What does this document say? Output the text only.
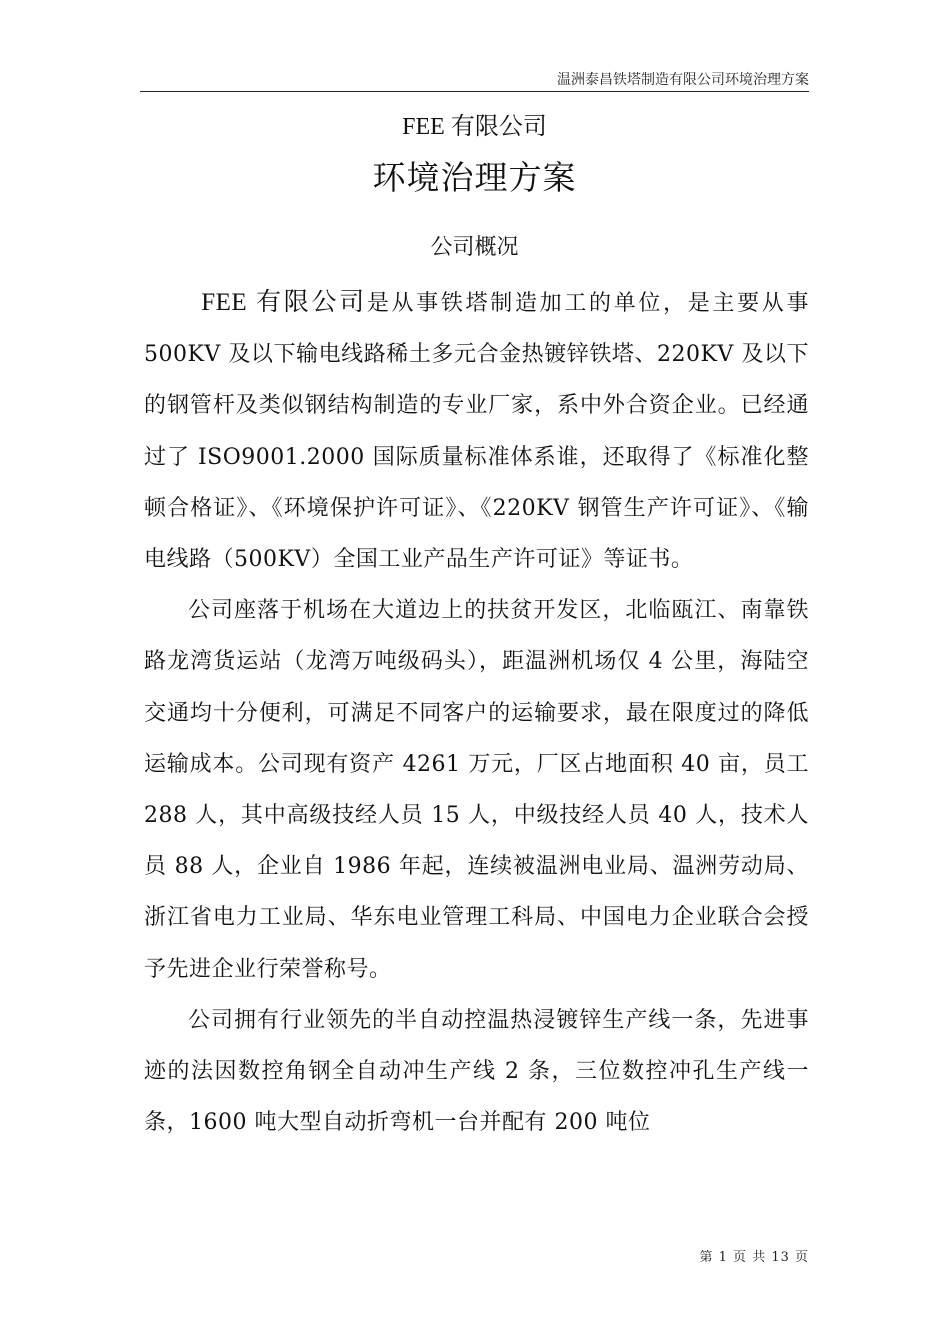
温洲泰昌铁塔制造有限公司环境治理方案
FEE 有限公司
环境治理方案
公司概况

FEE 有限公司是从事铁塔制造加工的单位，是主要从事 500KV 及以下输电线路稀土多元合金热镀锌铁塔、220KV 及以下的钢管杆及类似钢结构制造的专业厂家，系中外合资企业。已经通过了 ISO9001.2000 国际质量标准体系谁，还取得了《标准化整顿合格证》、《环境保护许可证》、《220KV 钢管生产许可证》、《输电线路（500KV）全国工业产品生产许可证》等证书。

公司座落于机场在大道边上的扶贫开发区，北临瓯江、南靠铁路龙湾货运站（龙湾万吨级码头），距温洲机场仅 4 公里，海陆空交通均十分便利，可满足不同客户的运输要求，最在限度过的降低运输成本。公司现有资产 4261 万元，厂区占地面积 40 亩，员工 288 人，其中高级技经人员 15 人，中级技经人员 40 人，技术人员 88 人，企业自 1986 年起，连续被温洲电业局、温洲劳动局、浙江省电力工业局、华东电业管理工科局、中国电力企业联合会授予先进企业行荣誉称号。

公司拥有行业领先的半自动控温热浸镀锌生产线一条，先进事迹的法因数控角钢全自动冲生产线 2 条，三位数控冲孔生产线一条，1600 吨大型自动折弯机一台并配有 200 吨位

第 1 页 共 13 页
